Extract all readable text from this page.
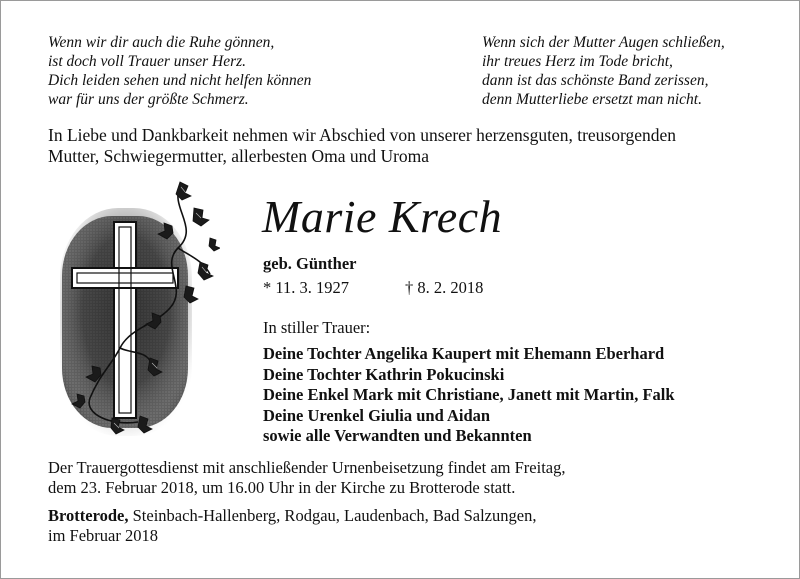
Wenn wir dir auch die Ruhe gönnen,
ist doch voll Trauer unser Herz.
Dich leiden sehen und nicht helfen können
war für uns der größte Schmerz.
Wenn sich der Mutter Augen schließen,
ihr treues Herz im Tode bricht,
dann ist das schönste Band zerissen,
denn Mutterliebe ersetzt man nicht.
In Liebe und Dankbarkeit nehmen wir Abschied von unserer herzensguten, treusorgenden
Mutter, Schwiegermutter, allerbesten Oma und Uroma
Marie Krech
geb. Günther
* 11. 3. 1927	† 8. 2. 2018
In stiller Trauer:
Deine Tochter Angelika Kaupert mit Ehemann Eberhard
Deine Tochter Kathrin Pokucinski
Deine Enkel Mark mit Christiane, Janett mit Martin, Falk
Deine Urenkel Giulia und Aidan
sowie alle Verwandten und Bekannten
Der Trauergottesdienst mit anschließender Urnenbeisetzung findet am Freitag,
dem 23. Februar 2018, um 16.00 Uhr in der Kirche zu Brotterode statt.
Brotterode, Steinbach-Hallenberg, Rodgau, Laudenbach, Bad Salzungen,
im Februar 2018
